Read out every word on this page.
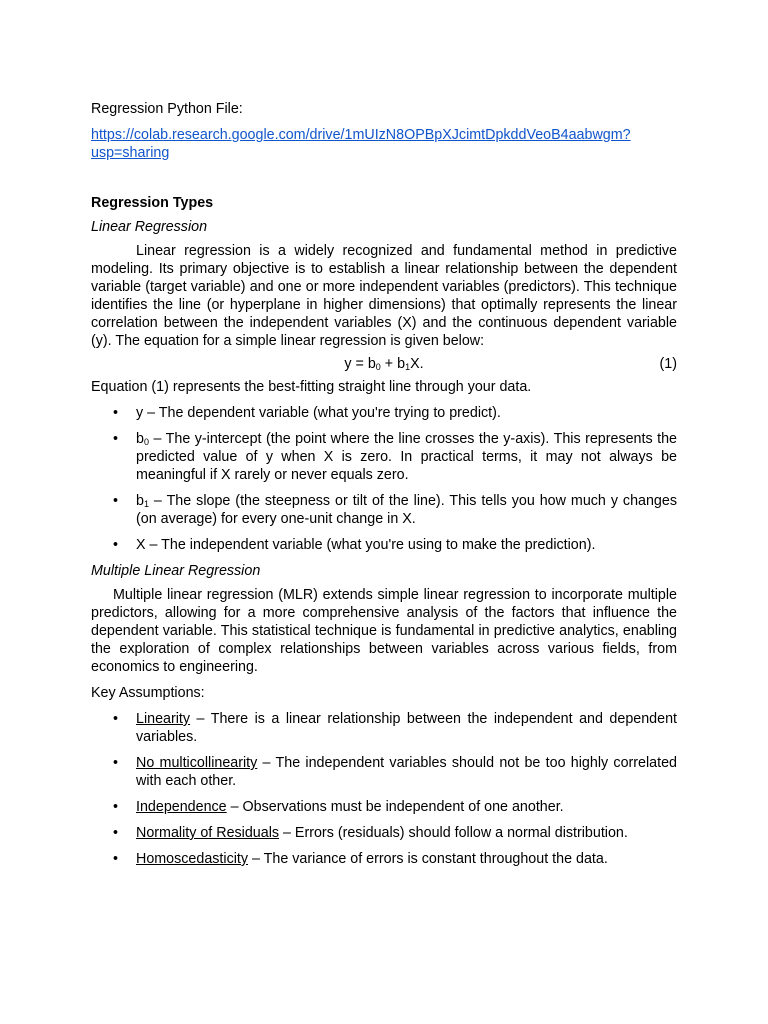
Regression Python File:

https://colab.research.google.com/drive/1mUIzN8OPBpXJcimtDpkddVeoB4aabwgm?
usp=sharing

Regression Types

Linear Regression

Linear regression is a widely recognized and fundamental method in predictive modeling. Its primary objective is to establish a linear relationship between the dependent variable (target variable) and one or more independent variables (predictors). This technique identifies the line (or hyperplane in higher dimensions) that optimally represents the linear correlation between the independent variables (X) and the continuous dependent variable (y). The equation for a simple linear regression is given below:

$y = b_0 + b_1X$.	(1)

Equation (1) represents the best-fitting straight line through your data.

• y – The dependent variable (what you're trying to predict).
• $b_0$ – The y-intercept (the point where the line crosses the y-axis). This represents the predicted value of y when X is zero. In practical terms, it may not always be meaningful if X rarely or never equals zero.
• $b_1$ – The slope (the steepness or tilt of the line). This tells you how much y changes (on average) for every one-unit change in X.
• X – The independent variable (what you're using to make the prediction).

Multiple Linear Regression

Multiple linear regression (MLR) extends simple linear regression to incorporate multiple predictors, allowing for a more comprehensive analysis of the factors that influence the dependent variable. This statistical technique is fundamental in predictive analytics, enabling the exploration of complex relationships between variables across various fields, from economics to engineering.

Key Assumptions:

• Linearity – There is a linear relationship between the independent and dependent variables.
• No multicollinearity – The independent variables should not be too highly correlated with each other.
• Independence – Observations must be independent of one another.
• Normality of Residuals – Errors (residuals) should follow a normal distribution.
• Homoscedasticity – The variance of errors is constant throughout the data.
